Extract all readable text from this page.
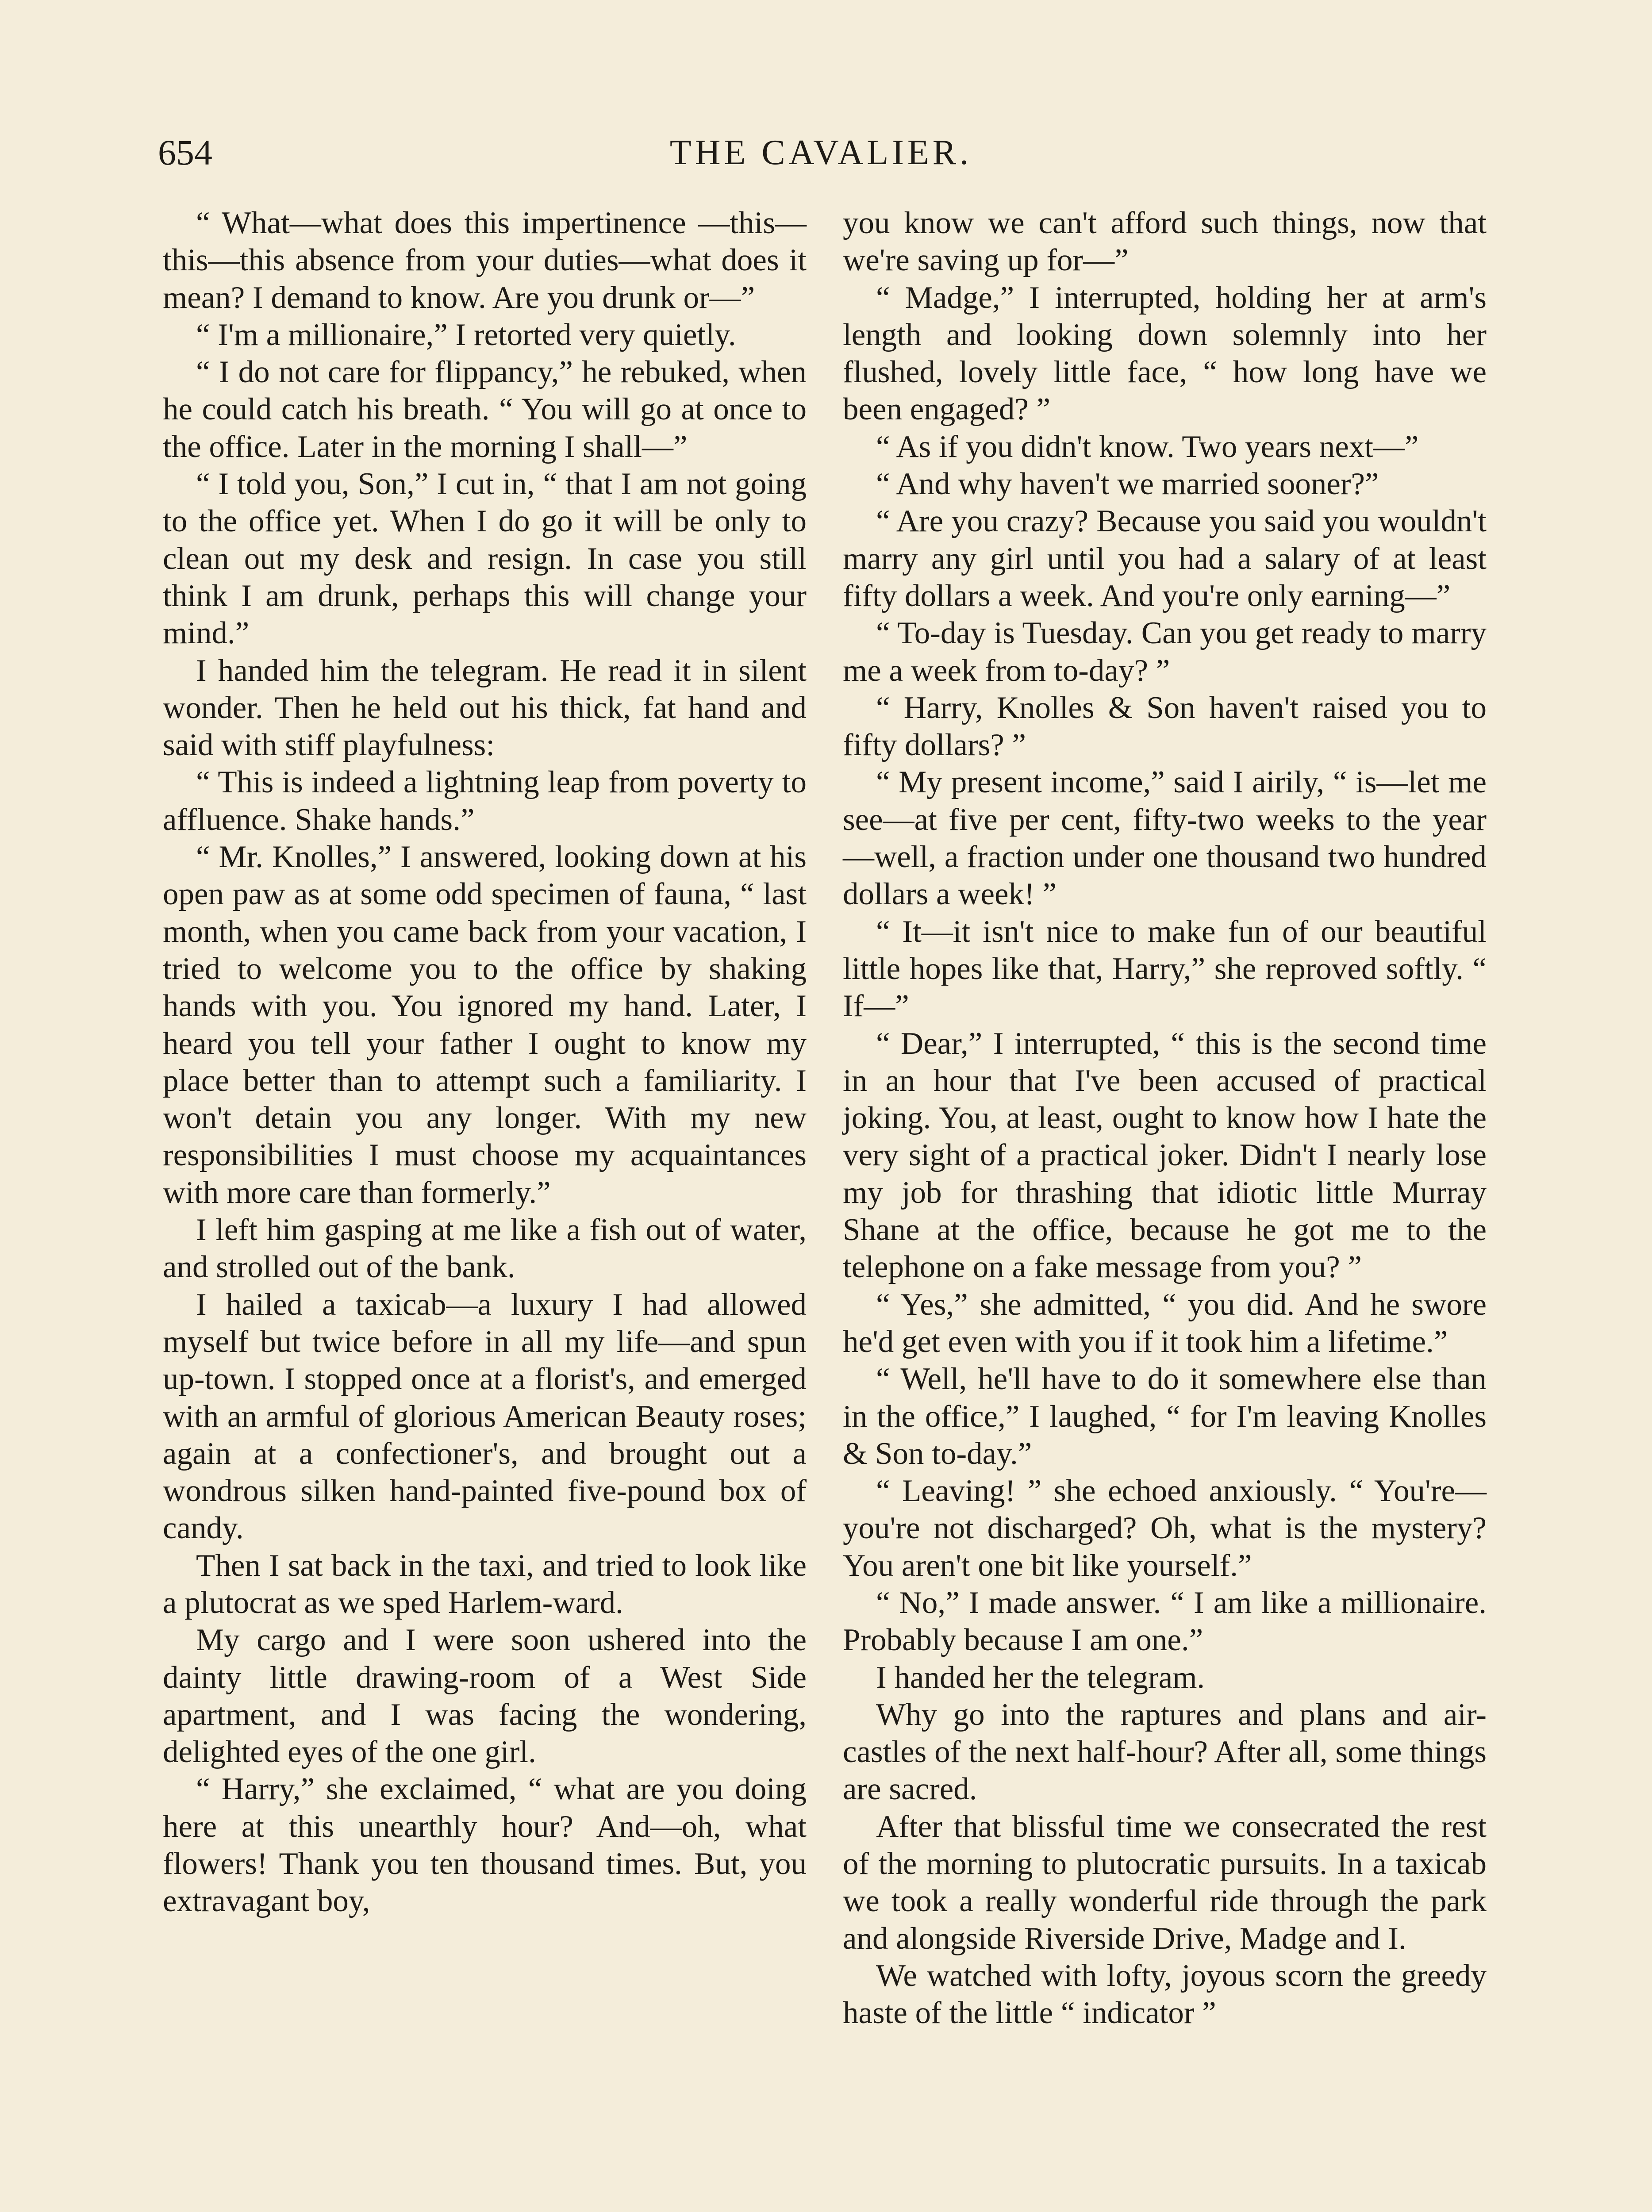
654	THE CAVALIER.

“ What—what does this impertinence —this—this—this absence from your duties—what does it mean? I demand to know. Are you drunk or—”

“ I'm a millionaire,” I retorted very quietly.

“ I do not care for flippancy,” he rebuked, when he could catch his breath. “ You will go at once to the office. Later in the morning I shall—”

“ I told you, Son,” I cut in, “ that I am not going to the office yet. When I do go it will be only to clean out my desk and resign. In case you still think I am drunk, perhaps this will change your mind.”

I handed him the telegram. He read it in silent wonder. Then he held out his thick, fat hand and said with stiff playfulness:

“ This is indeed a lightning leap from poverty to affluence. Shake hands.”

“ Mr. Knolles,” I answered, looking down at his open paw as at some odd specimen of fauna, “ last month, when you came back from your vacation, I tried to welcome you to the office by shaking hands with you. You ignored my hand. Later, I heard you tell your father I ought to know my place better than to attempt such a familiarity. I won't detain you any longer. With my new responsibilities I must choose my acquaintances with more care than formerly.”

I left him gasping at me like a fish out of water, and strolled out of the bank.

I hailed a taxicab—a luxury I had allowed myself but twice before in all my life—and spun up-town. I stopped once at a florist's, and emerged with an armful of glorious American Beauty roses; again at a confectioner's, and brought out a wondrous silken hand-painted five-pound box of candy.

Then I sat back in the taxi, and tried to look like a plutocrat as we sped Harlem-ward.

My cargo and I were soon ushered into the dainty little drawing-room of a West Side apartment, and I was facing the wondering, delighted eyes of the one girl.

“ Harry,” she exclaimed, “ what are you doing here at this unearthly hour? And—oh, what flowers! Thank you ten thousand times. But, you extravagant boy,

you know we can't afford such things, now that we're saving up for—”

“ Madge,” I interrupted, holding her at arm's length and looking down solemnly into her flushed, lovely little face, “ how long have we been engaged? ”

“ As if you didn't know. Two years next—”

“ And why haven't we married sooner?”

“ Are you crazy? Because you said you wouldn't marry any girl until you had a salary of at least fifty dollars a week. And you're only earning—”

“ To-day is Tuesday. Can you get ready to marry me a week from to-day? ”

“ Harry, Knolles & Son haven't raised you to fifty dollars? ”

“ My present income,” said I airily, “ is—let me see—at five per cent, fifty-two weeks to the year—well, a fraction under one thousand two hundred dollars a week! ”

“ It—it isn't nice to make fun of our beautiful little hopes like that, Harry,” she reproved softly. “ If—”

“ Dear,” I interrupted, “ this is the second time in an hour that I've been accused of practical joking. You, at least, ought to know how I hate the very sight of a practical joker. Didn't I nearly lose my job for thrashing that idiotic little Murray Shane at the office, because he got me to the telephone on a fake message from you? ”

“ Yes,” she admitted, “ you did. And he swore he'd get even with you if it took him a lifetime.”

“ Well, he'll have to do it somewhere else than in the office,” I laughed, “ for I'm leaving Knolles & Son to-day.”

“ Leaving! ” she echoed anxiously. “ You're—you're not discharged? Oh, what is the mystery? You aren't one bit like yourself.”

“ No,” I made answer. “ I am like a millionaire. Probably because I am one.”

I handed her the telegram.

Why go into the raptures and plans and air-castles of the next half-hour? After all, some things are sacred.

After that blissful time we consecrated the rest of the morning to plutocratic pursuits. In a taxicab we took a really wonderful ride through the park and alongside Riverside Drive, Madge and I.

We watched with lofty, joyous scorn the greedy haste of the little “ indicator ”
